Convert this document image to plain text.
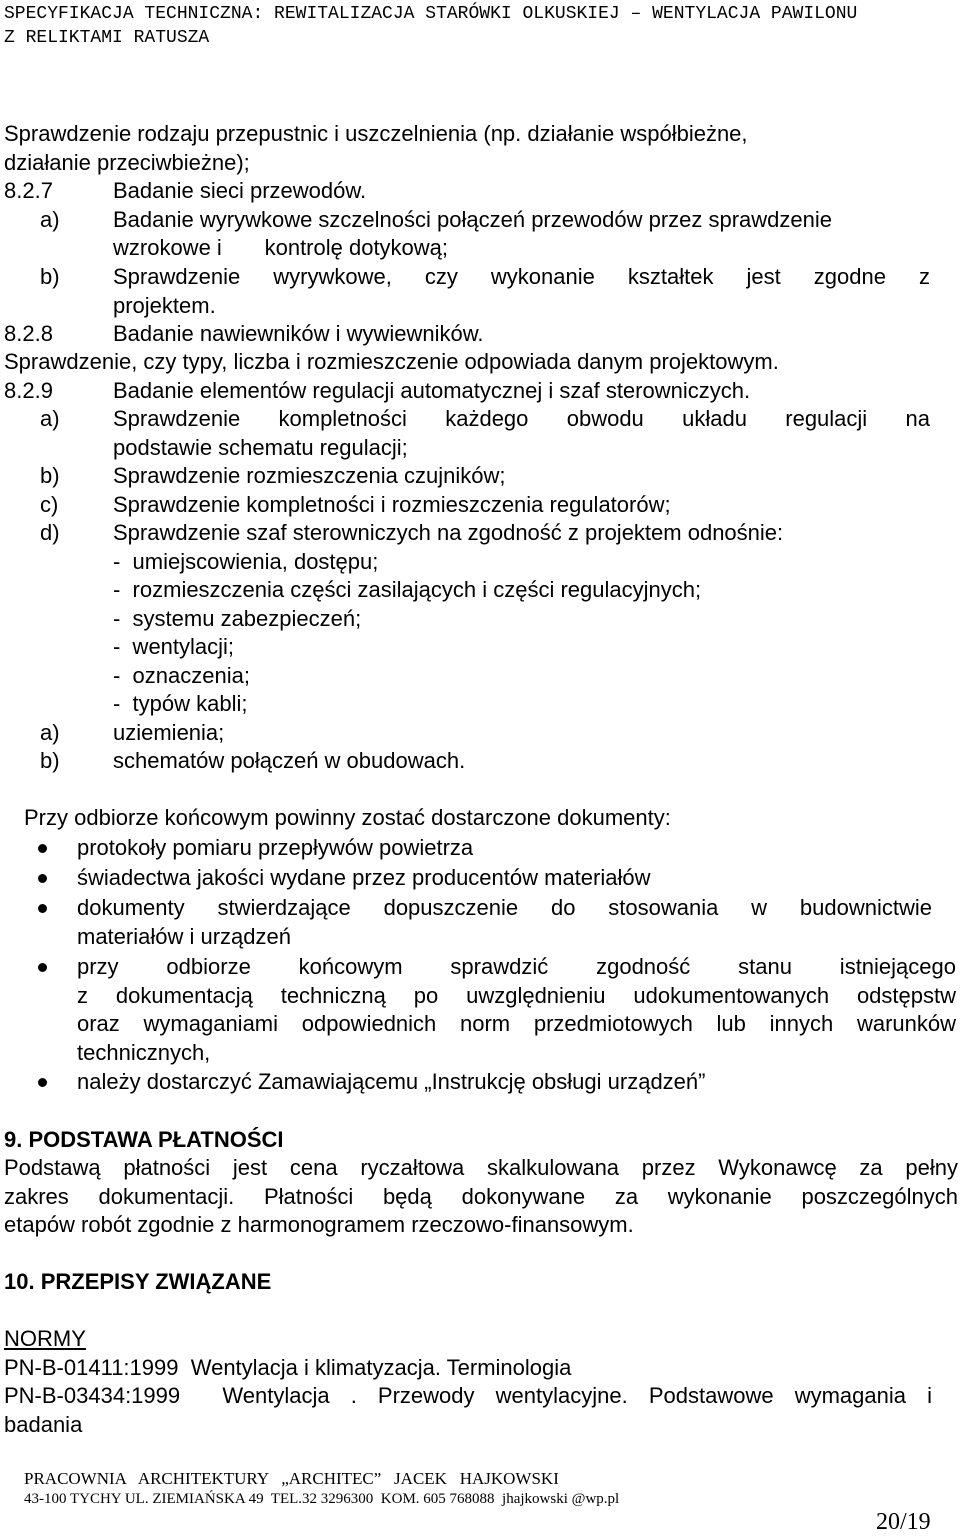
SPECYFIKACJA TECHNICZNA: REWITALIZACJA STARÓWKI OLKUSKIEJ – WENTYLACJA PAWILONU
Z RELIKTAMI RATUSZA
Sprawdzenie rodzaju przepustnic i uszczelnienia (np. działanie współbieżne,
działanie przeciwbieżne);
8.2.7	Badanie sieci przewodów.
a) Badanie wyrywkowe szczelności połączeń przewodów przez sprawdzenie
wzrokowe i       kontrolę dotykową;
b) Sprawdzenie wyrywkowe, czy wykonanie kształtek jest zgodne z
projektem.
8.2.8	Badanie nawiewników i wywiewników.
Sprawdzenie, czy typy, liczba i rozmieszczenie odpowiada danym projektowym.
8.2.9	Badanie elementów regulacji automatycznej i szaf sterowniczych.
a) Sprawdzenie kompletności każdego obwodu układu regulacji na
podstawie schematu regulacji;
b) Sprawdzenie rozmieszczenia czujników;
c) Sprawdzenie kompletności i rozmieszczenia regulatorów;
d) Sprawdzenie szaf sterowniczych na zgodność z projektem odnośnie:
-  umiejscowienia, dostępu;
-  rozmieszczenia części zasilających i części regulacyjnych;
-  systemu zabezpieczeń;
-  wentylacji;
-  oznaczenia;
-  typów kabli;
a) uziemienia;
b) schematów połączeń w obudowach.
Przy odbiorze końcowym powinny zostać dostarczone dokumenty:
protokoły pomiaru przepływów powietrza
świadectwa jakości wydane przez producentów materiałów
dokumenty stwierdzające dopuszczenie do stosowania w budownictwie
materiałów i urządzeń
przy odbiorze końcowym sprawdzić zgodność stanu istniejącego
z dokumentacją techniczną po uwzględnieniu udokumentowanych odstępstw
oraz wymaganiami odpowiednich norm przedmiotowych lub innych warunków
technicznych,
należy dostarczyć Zamawiającemu „Instrukcję obsługi urządzeń”
9. PODSTAWA PŁATNOŚCI
Podstawą płatności jest cena ryczałtowa skalkulowana przez Wykonawcę za pełny
zakres dokumentacji. Płatności będą dokonywane za wykonanie poszczególnych
etapów robót zgodnie z harmonogramem rzeczowo-finansowym.
10. PRZEPISY ZWIĄZANE
NORMY
PN-B-01411:1999  Wentylacja i klimatyzacja. Terminologia
PN-B-03434:1999  Wentylacja . Przewody wentylacyjne. Podstawowe wymagania i
badania
PRACOWNIA   ARCHITEKTURY   „ARCHITEC”   JACEK   HAJKOWSKI
43-100 TYCHY UL. ZIEMIAŃSKA 49  TEL.32 3296300  KOM. 605 768088  jhajkowski @wp.pl
20/19
